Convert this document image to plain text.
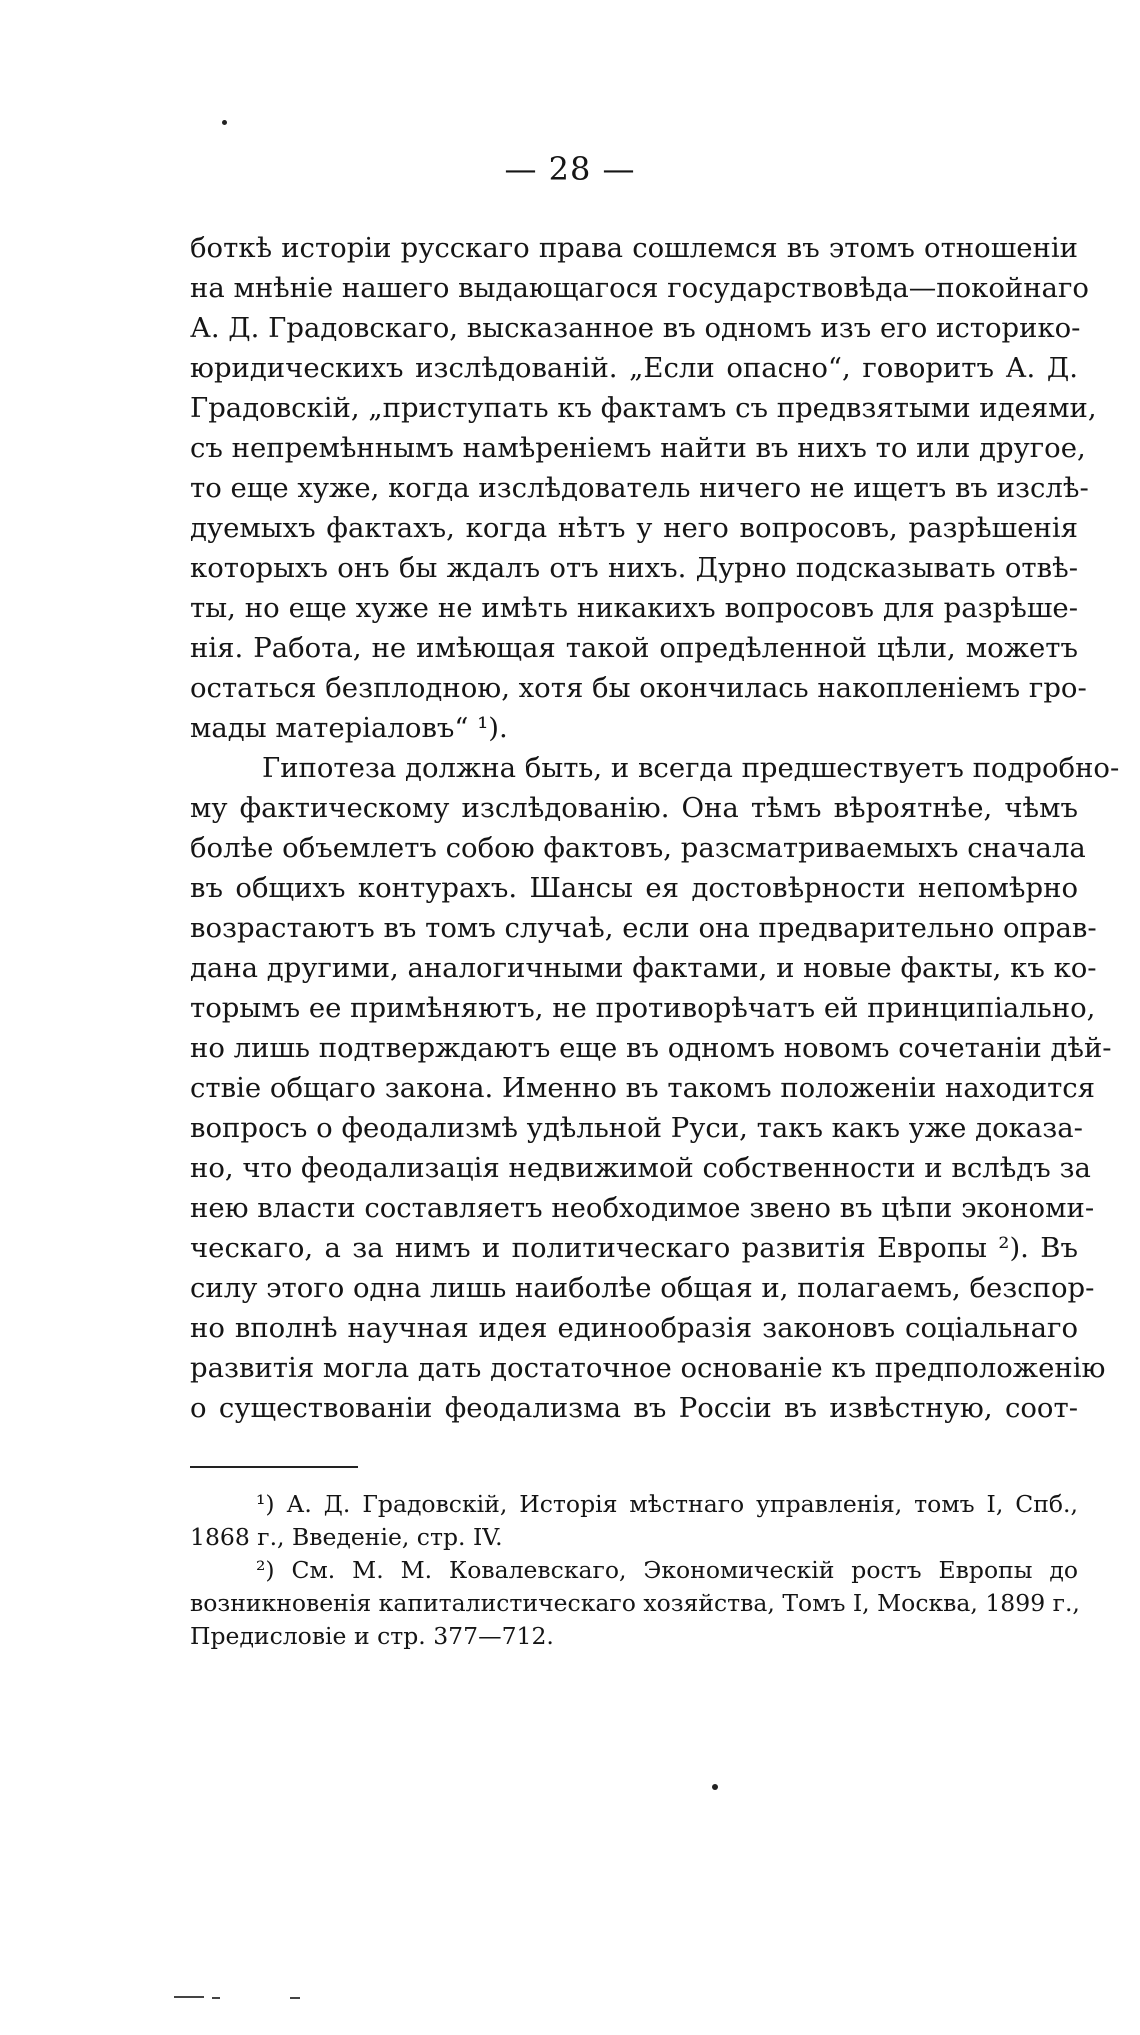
— 28 —
боткѣ исторіи русскаго права сошлемся въ этомъ отношеніи
на мнѣніе нашего выдающагося государствовѣда—покойнаго
А. Д. Градовскаго, высказанное въ одномъ изъ его историко-
юридическихъ изслѣдованій. „Если опасно“, говоритъ А. Д.
Градовскій, „приступать къ фактамъ съ предвзятыми идеями,
съ непремѣннымъ намѣреніемъ найти въ нихъ то или другое,
то еще хуже, когда изслѣдователь ничего не ищетъ въ изслѣ-
дуемыхъ фактахъ, когда нѣтъ у него вопросовъ, разрѣшенія
которыхъ онъ бы ждалъ отъ нихъ. Дурно подсказывать отвѣ-
ты, но еще хуже не имѣть никакихъ вопросовъ для разрѣше-
нія. Работа, не имѣющая такой опредѣленной цѣли, можетъ
остаться безплодною, хотя бы окончилась накопленіемъ гро-
мады матеріаловъ“ ¹).
Гипотеза должна быть, и всегда предшествуетъ подробно-
му фактическому изслѣдованію. Она тѣмъ вѣроятнѣе, чѣмъ
болѣе объемлетъ собою фактовъ, разсматриваемыхъ сначала
въ общихъ контурахъ. Шансы ея достовѣрности непомѣрно
возрастаютъ въ томъ случаѣ, если она предварительно оправ-
дана другими, аналогичными фактами, и новые факты, къ ко-
торымъ ее примѣняютъ, не противорѣчатъ ей принципіально,
но лишь подтверждаютъ еще въ одномъ новомъ сочетаніи дѣй-
ствіе общаго закона. Именно въ такомъ положеніи находится
вопросъ о феодализмѣ удѣльной Руси, такъ какъ уже доказа-
но, что феодализація недвижимой собственности и вслѣдъ за
нею власти составляетъ необходимое звено въ цѣпи экономи-
ческаго, а за нимъ и политическаго развитія Европы ²). Въ
силу этого одна лишь наиболѣе общая и, полагаемъ, безспор-
но вполнѣ научная идея единообразія законовъ соціальнаго
развитія могла дать достаточное основаніе къ предположенію
о существованіи феодализма въ Россіи въ извѣстную, соот-
¹) А. Д. Градовскій, Исторія мѣстнаго управленія, томъ I, Спб.,
1868 г., Введеніе, стр. IV.
²) См. М. М. Ковалевскаго, Экономическій ростъ Европы до
возникновенія капиталистическаго хозяйства, Томъ I, Москва, 1899 г.,
Предисловіе и стр. 377—712.
